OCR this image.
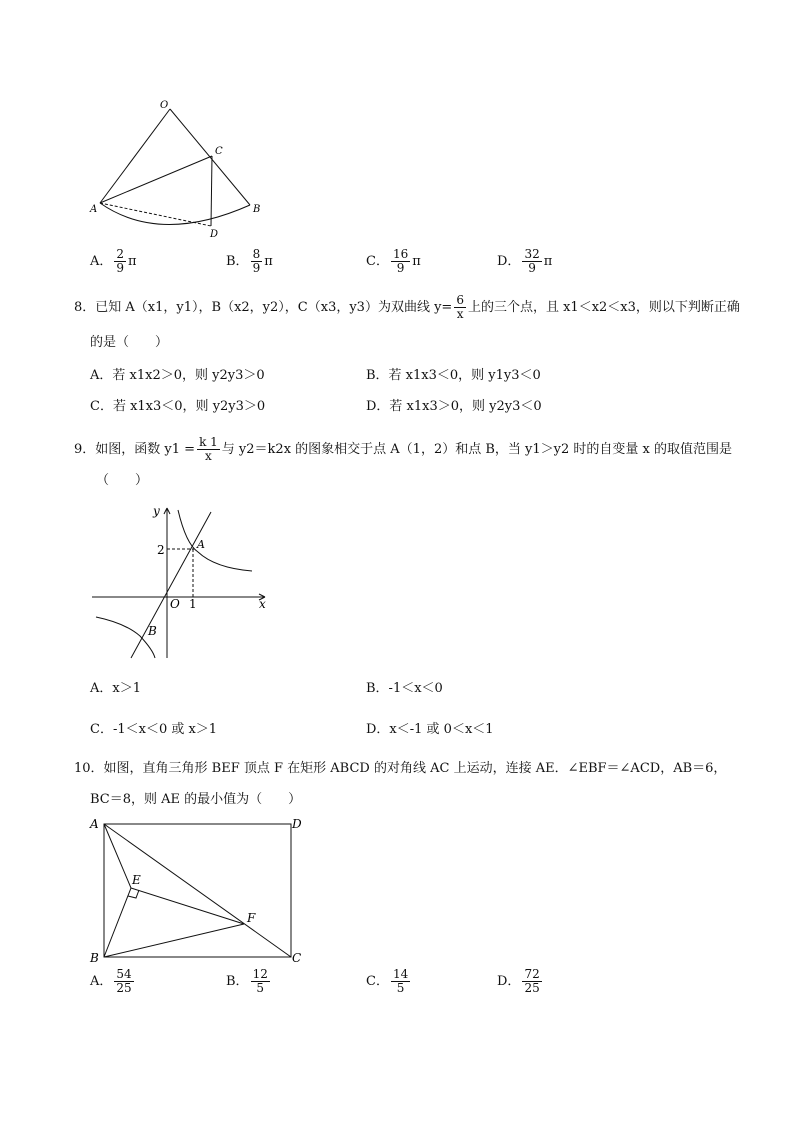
O
C
A	B
D
A． $\frac{2}{9}$ π	B． $\frac{8}{9}$ π	C． $\frac{16}{9}$ π	D． $\frac{32}{9}$ π
8．已知 A（x1，y1），B（x2，y2），C（x3，y3）为双曲线 $y= \frac{6}{x}$ 上的三个点，且 x1＜x2＜x3，则以下判断正确
的是（　　）
A．若 x1x2＞0，则 y2y3＞0	B．若 x1x3＜0，则 y1y3＜0
C．若 x1x3＜0，则 y2y3＞0	D．若 x1x3＞0，则 y2y3＜0
9．如图，函数 $y1 = \frac{k 1}{x}$ 与 y2＝k2x 的图象相交于点 A（1，2）和点 B，当 y1＞y2 时的自变量 x 的取值范围是
（　　）
y
x
2	A
O 1
B
A．x＞1	B．-1＜x＜0
C．-1＜x＜0 或 x＞1	D．x＜-1 或 0＜x＜1
10．如图，直角三角形 BEF 顶点 F 在矩形 ABCD 的对角线 AC 上运动，连接 AE．∠EBF＝∠ACD，AB＝6，
BC＝8，则 AE 的最小值为（　　）
A	D
E
F
B	C
A． $\frac{54}{25}$	B． $\frac{12}{5}$	C． $\frac{14}{5}$	D． $\frac{72}{25}$
